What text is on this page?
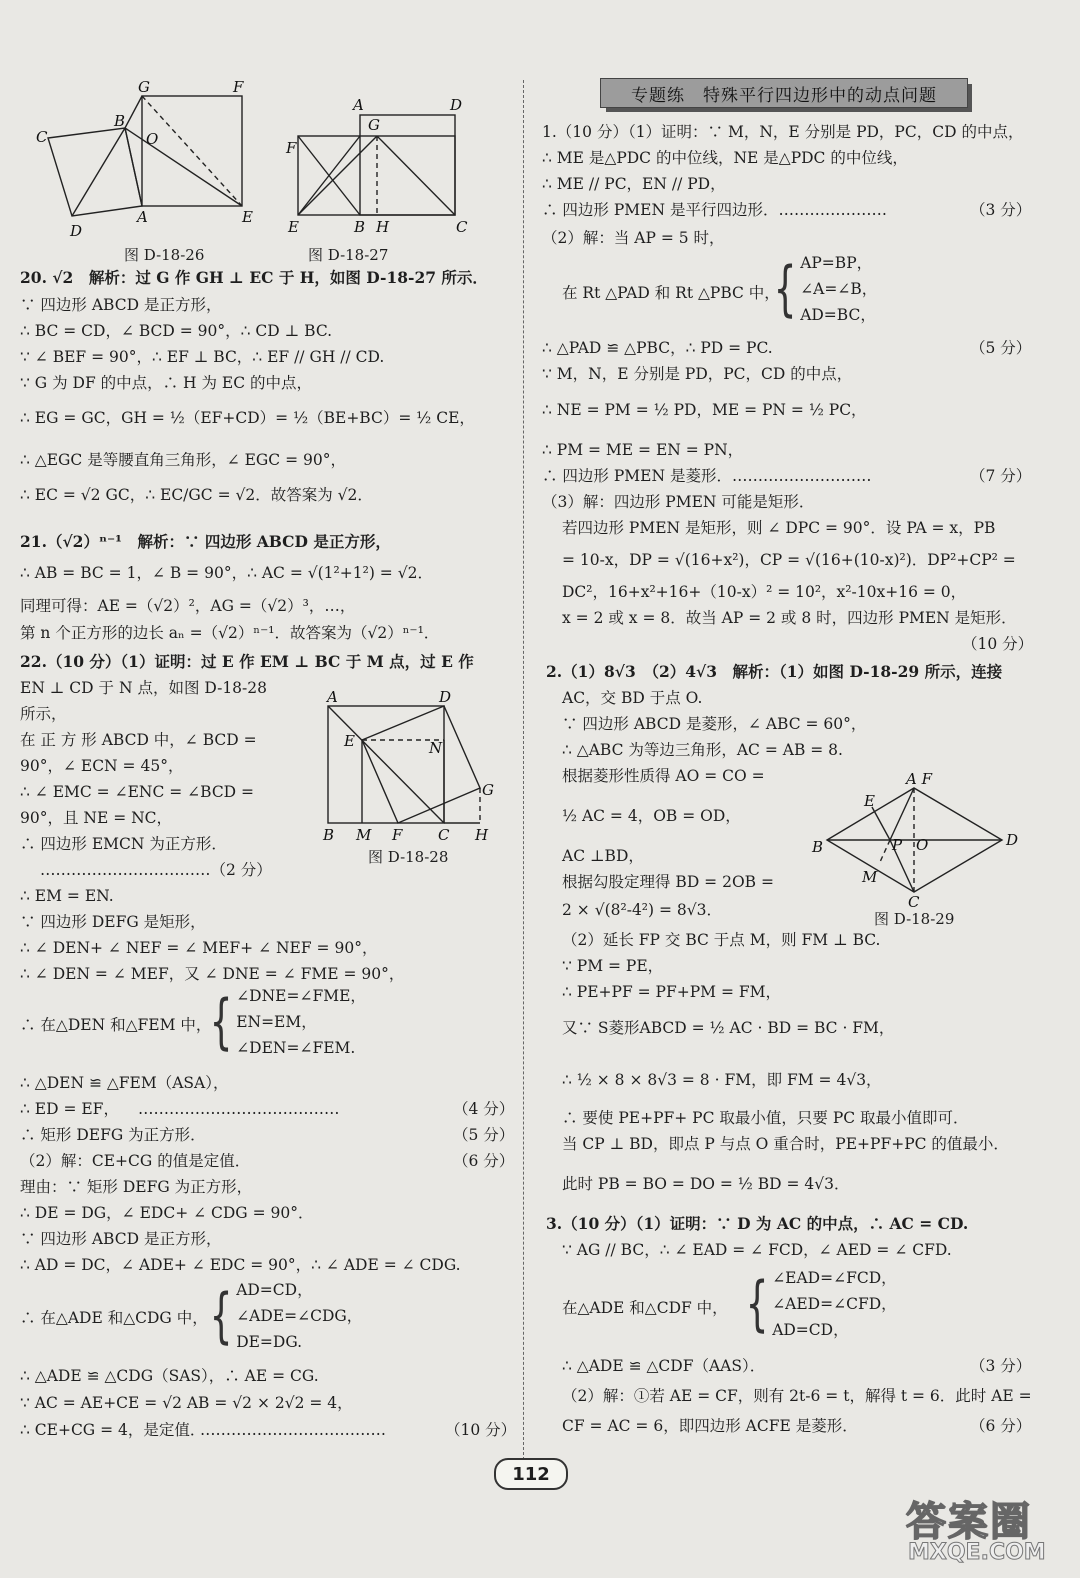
G	F
B
C	O
A	E
D
图 D-18-26
A	D
G
F
E	B H	C
图 D-18-27
20. √2　解析：过 G 作 GH ⊥ EC 于 H，如图 D-18-27 所示．
∵ 四边形 ABCD 是正方形，
∴ BC = CD，∠ BCD = 90°，∴ CD ⊥ BC.
∵ ∠ BEF = 90°，∴ EF ⊥ BC，∴ EF // GH // CD.
∵ G 为 DF 的中点，∴ H 为 EC 的中点，
∴ EG = GC，GH = ½（EF+CD）= ½（BE+BC）= ½ CE，
∴ △EGC 是等腰直角三角形，∠ EGC = 90°，
∴ EC = √2 GC，∴ EC/GC = √2．故答案为 √2．
21.（√2）ⁿ⁻¹　解析：∵ 四边形 ABCD 是正方形，
∴ AB = BC = 1，∠ B = 90°，∴ AC = √(1²+1²) = √2．
同理可得：AE =（√2）²，AG =（√2）³，…，
第 n 个正方形的边长 aₙ =（√2）ⁿ⁻¹．故答案为（√2）ⁿ⁻¹．
22.（10 分）（1）证明：过 E 作 EM ⊥ BC 于 M 点，过 E 作
EN ⊥ CD 于 N 点，如图 D-18-28
所示，
在 正 方 形 ABCD 中，∠ BCD =
90°，∠ ECN = 45°，
∴ ∠ EMC = ∠ENC = ∠BCD =
90°，且 NE = NC，
∴ 四边形 EMCN 为正方形．
……………………………（2 分）
A	D
E	N
G
B M F C H
图 D-18-28
∴ EM = EN.
∵ 四边形 DEFG 是矩形，
∴ ∠ DEN+ ∠ NEF = ∠ MEF+ ∠ NEF = 90°，
∴ ∠ DEN = ∠ MEF，又 ∠ DNE = ∠ FME = 90°，
∴ 在△DEN 和△FEM 中，
{ ∠DNE=∠FME，
EN=EM，
∠DEN=∠FEM.
∴ △DEN ≌ △FEM（ASA），
∴ ED = EF， …………………………………	（4 分）
∴ 矩形 DEFG 为正方形．	（5 分）
（2）解：CE+CG 的值是定值．	（6 分）
理由：∵ 矩形 DEFG 为正方形，
∴ DE = DG，∠ EDC+ ∠ CDG = 90°．
∵ 四边形 ABCD 是正方形，
∴ AD = DC，∠ ADE+ ∠ EDC = 90°，∴ ∠ ADE = ∠ CDG.
∴ 在△ADE 和△CDG 中， { AD=CD，
∠ADE=∠CDG，
DE=DG.
∴ △ADE ≌ △CDG（SAS），∴ AE = CG.
∵ AC = AE+CE = √2 AB = √2 × 2√2 = 4，
∴ CE+CG = 4，是定值．
………………………………	（10 分）
专题练　特殊平行四边形中的动点问题
1.（10 分）（1）证明：∵ M，N，E 分别是 PD，PC，CD 的中点，
∴ ME 是△PDC 的中位线，NE 是△PDC 的中位线，
∴ ME // PC，EN // PD，
∴ 四边形 PMEN 是平行四边形．…………………	（3 分）
（2）解：当 AP = 5 时，
在 Rt △PAD 和 Rt △PBC 中，
{ AP=BP，
∠A=∠B，
AD=BC，
∴ △PAD ≌ △PBC，∴ PD = PC.	（5 分）
∵ M，N，E 分别是 PD，PC，CD 的中点，
∴ NE = PM = ½ PD，ME = PN = ½ PC，
∴ PM = ME = EN = PN，
∴ 四边形 PMEN 是菱形．………………………	（7 分）
（3）解：四边形 PMEN 可能是矩形．
若四边形 PMEN 是矩形，则 ∠ DPC = 90°．设 PA = x，PB
= 10-x，DP = √(16+x²)，CP = √(16+(10-x)²)．DP²+CP² =
DC²，16+x²+16+（10-x）² = 10²，x²-10x+16 = 0，
x = 2 或 x = 8．故当 AP = 2 或 8 时，四边形 PMEN 是矩形．
（10 分）
2.（1）8√3　（2）4√3　解析：（1）如图 D-18-29 所示，连接
AC，交 BD 于点 O.
∵ 四边形 ABCD 是菱形，∠ ABC = 60°，
∴ △ABC 为等边三角形，AC = AB = 8.
根据菱形性质得 AO = CO =
½ AC = 4，OB = OD，
AC ⊥BD，
根据勾股定理得 BD = 2OB =
2 × √(8²-4²) = 8√3．
A F
E
B	P O	D
M
C
图 D-18-29
（2）延长 FP 交 BC 于点 M，则 FM ⊥ BC.
∵ PM = PE，
∴ PE+PF = PF+PM = FM，
又∵ S菱形ABCD = ½ AC · BD = BC · FM，
∴ ½ × 8 × 8√3 = 8 · FM，即 FM = 4√3，
∴ 要使 PE+PF+ PC 取最小值，只要 PC 取最小值即可．
当 CP ⊥ BD，即点 P 与点 O 重合时，PE+PF+PC 的值最小．
此时 PB = BO = DO = ½ BD = 4√3．
3.（10 分）（1）证明：∵ D 为 AC 的中点，∴ AC = CD.
∵ AG // BC，∴ ∠ EAD = ∠ FCD，∠ AED = ∠ CFD.
在△ADE 和△CDF 中， { ∠EAD=∠FCD，
∠AED=∠CFD，
AD=CD，
∴ △ADE ≌ △CDF（AAS）．	（3 分）
（2）解：①若 AE = CF，则有 2t-6 = t，解得 t = 6．此时 AE =
CF = AC = 6，即四边形 ACFE 是菱形．	（6 分）
112
答案圈
MXQE.COM
